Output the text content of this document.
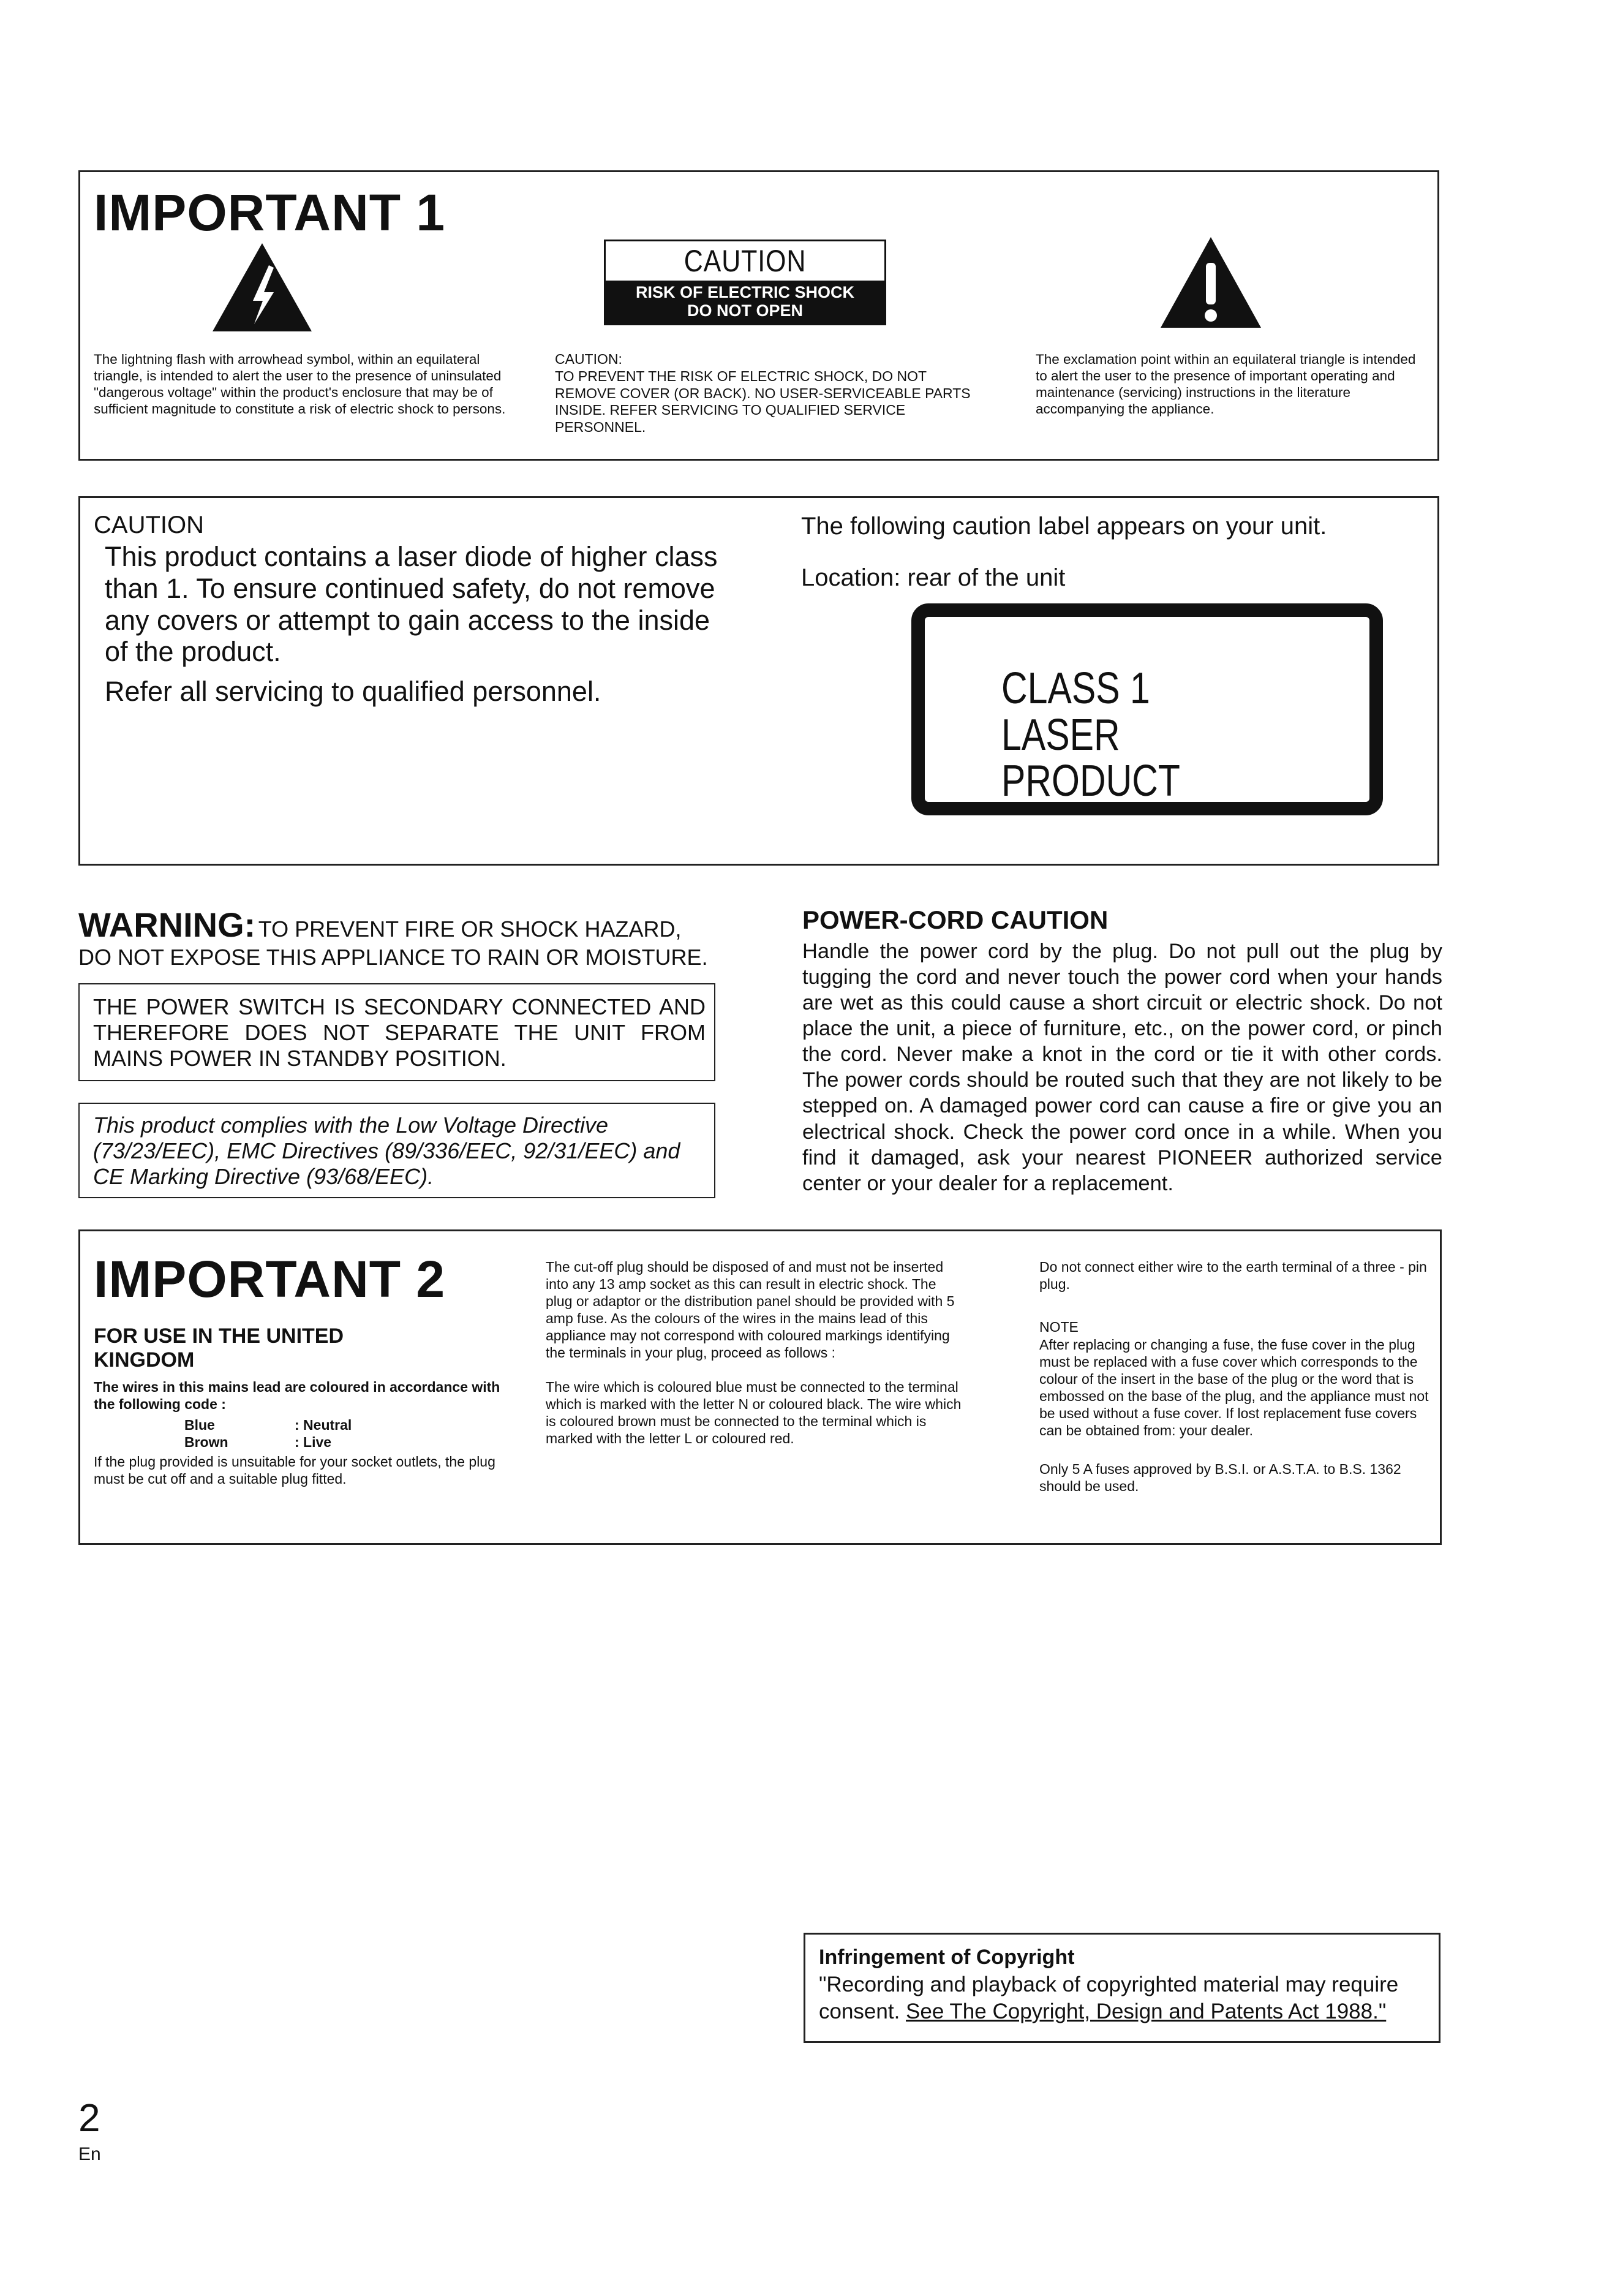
IMPORTANT 1
CAUTION
RISK OF ELECTRIC SHOCK
DO NOT OPEN

The lightning flash with arrowhead symbol, within an equilateral triangle, is intended to alert the user to the presence of uninsulated "dangerous voltage" within the product's enclosure that may be of sufficient magnitude to constitute a risk of electric shock to persons.

CAUTION:

TO PREVENT THE RISK OF ELECTRIC SHOCK, DO NOT REMOVE COVER (OR BACK). NO USER-SERVICEABLE PARTS INSIDE. REFER SERVICING TO QUALIFIED SERVICE PERSONNEL.

The exclamation point within an equilateral triangle is intended to alert the user to the presence of important operating and maintenance (servicing) instructions in the literature accompanying the appliance.

CAUTION

This product contains a laser diode of higher class than 1. To ensure continued safety, do not remove any covers or attempt to gain access to the inside of the product.

Refer all servicing to qualified personnel.

The following caution label appears on your unit.

Location: rear of the unit

CLASS 1
LASER PRODUCT

WARNING: TO PREVENT FIRE OR SHOCK HAZARD, DO NOT EXPOSE THIS APPLIANCE TO RAIN OR MOISTURE.

THE POWER SWITCH IS SECONDARY CONNECTED AND THEREFORE DOES NOT SEPARATE THE UNIT FROM MAINS POWER IN STANDBY POSITION.

This product complies with the Low Voltage Directive (73/23/EEC), EMC Directives (89/336/EEC, 92/31/EEC) and CE Marking Directive (93/68/EEC).

POWER-CORD CAUTION

Handle the power cord by the plug. Do not pull out the plug by tugging the cord and never touch the power cord when your hands are wet as this could cause a short circuit or electric shock. Do not place the unit, a piece of furniture, etc., on the power cord, or pinch the cord. Never make a knot in the cord or tie it with other cords. The power cords should be routed such that they are not likely to be stepped on. A damaged power cord can cause a fire or give you an electrical shock. Check the power cord once in a while. When you find it damaged, ask your nearest PIONEER authorized service center or your dealer for a replacement.

IMPORTANT 2

FOR USE IN THE UNITED KINGDOM

The wires in this mains lead are coloured in accordance with the following code :

Blue	: Neutral
Brown	: Live

If the plug provided is unsuitable for your socket outlets, the plug must be cut off and a suitable plug fitted.

The cut-off plug should be disposed of and must not be inserted into any 13 amp socket as this can result in electric shock. The plug or adaptor or the distribution panel should be provided with 5 amp fuse. As the colours of the wires in the mains lead of this appliance may not correspond with coloured markings identifying the terminals in your plug, proceed as follows :

The wire which is coloured blue must be connected to the terminal which is marked with the letter N or coloured black. The wire which is coloured brown must be connected to the terminal which is marked with the letter L or coloured red.

Do not connect either wire to the earth terminal of a three - pin plug.

NOTE

After replacing or changing a fuse, the fuse cover in the plug must be replaced with a fuse cover which corresponds to the colour of the insert in the base of the plug or the word that is embossed on the base of the plug, and the appliance must not be used without a fuse cover. If lost replacement fuse covers can be obtained from: your dealer.

Only 5 A fuses approved by B.S.I. or A.S.T.A. to B.S. 1362 should be used.

Infringement of Copyright

"Recording and playback of copyrighted material may require consent. See The Copyright, Design and Patents Act 1988."

2
En
